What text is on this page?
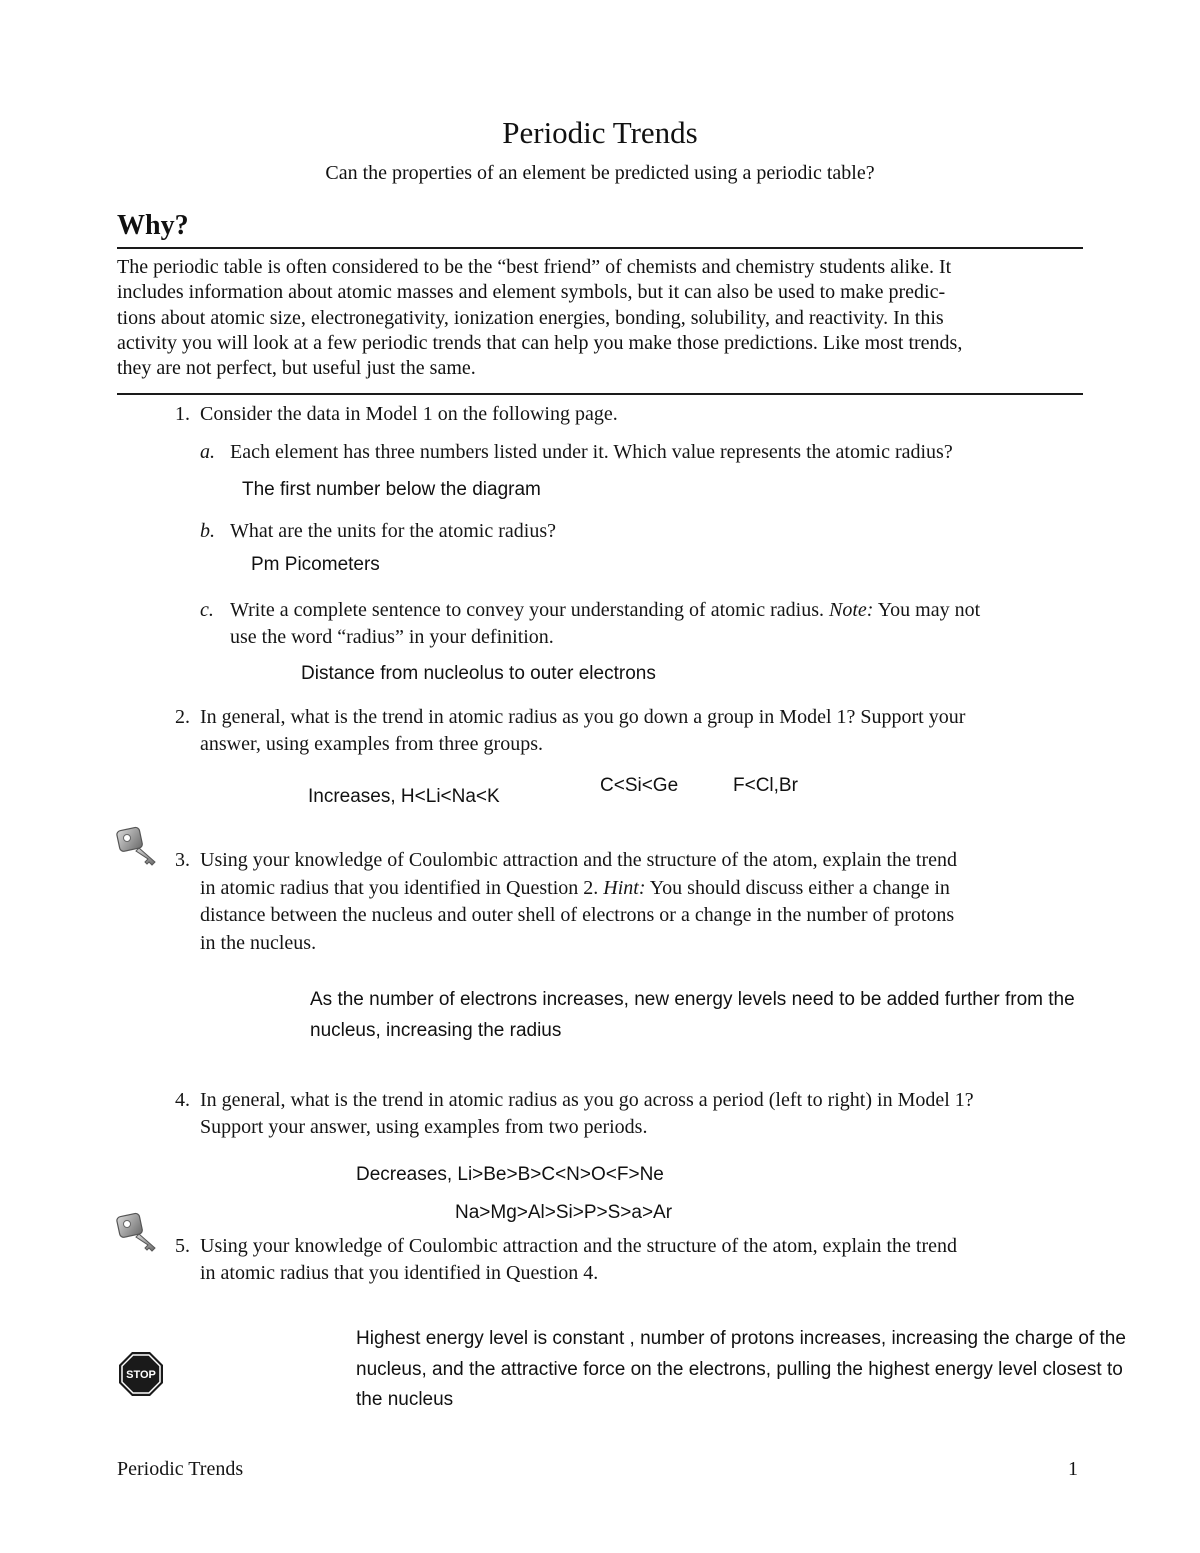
Periodic Trends
Can the properties of an element be predicted using a periodic table?
Why?
The periodic table is often considered to be the “best friend” of chemists and chemistry students alike. It
includes information about atomic masses and element symbols, but it can also be used to make predic-
tions about atomic size, electronegativity, ionization energies, bonding, solubility, and reactivity. In this
activity you will look at a few periodic trends that can help you make those predictions. Like most trends,
they are not perfect, but useful just the same.
1. Consider the data in Model 1 on the following page.
a. Each element has three numbers listed under it. Which value represents the atomic radius?
The first number below the diagram
b. What are the units for the atomic radius?
Pm Picometers
c. Write a complete sentence to convey your understanding of atomic radius. Note: You may not
use the word “radius” in your definition.
Distance from nucleolus to outer electrons
2. In general, what is the trend in atomic radius as you go down a group in Model 1? Support your
answer, using examples from three groups.
Increases, H<Li<Na<K
C<Si<Ge	F<Cl,Br
3. Using your knowledge of Coulombic attraction and the structure of the atom, explain the trend
in atomic radius that you identified in Question 2. Hint: You should discuss either a change in
distance between the nucleus and outer shell of electrons or a change in the number of protons
in the nucleus.
As the number of electrons increases, new energy levels need to be added further from the
nucleus, increasing the radius
4. In general, what is the trend in atomic radius as you go across a period (left to right) in Model 1?
Support your answer, using examples from two periods.
Decreases, Li>Be>B>C<N>O<F>Ne
Na>Mg>Al>Si>P>S>a>Ar
5. Using your knowledge of Coulombic attraction and the structure of the atom, explain the trend
in atomic radius that you identified in Question 4.
Highest energy level is constant , number of protons increases, increasing the charge of the
nucleus, and the attractive force on the electrons, pulling the highest energy level closest to
the nucleus
STOP
Periodic Trends	1
